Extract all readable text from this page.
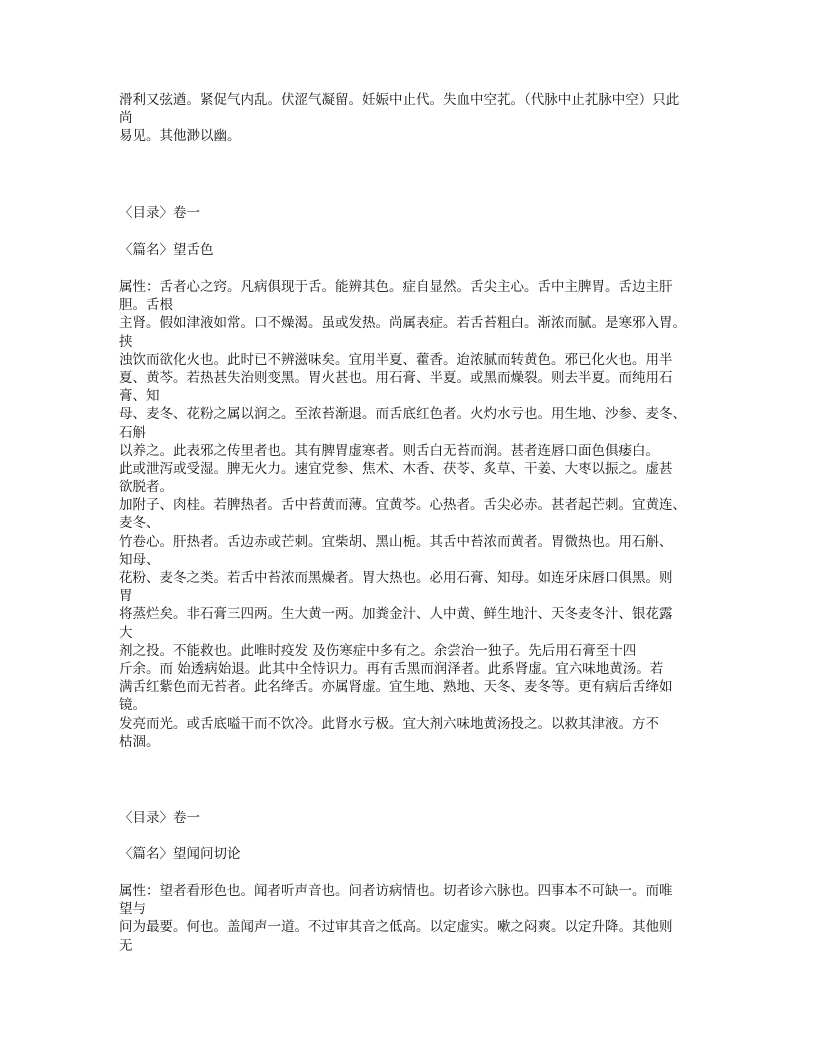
滑利又弦遒。紧促气内乱。伏涩气凝留。妊娠中止代。失血中空芤。（代脉中止芤脉中空）只此
尚
易见。其他渺以幽。
〈目录〉卷一
〈篇名〉望舌色
属性：舌者心之窍。凡病俱现于舌。能辨其色。症自显然。舌尖主心。舌中主脾胃。舌边主肝
胆。舌根
主肾。假如津液如常。口不燥渴。虽或发热。尚属表症。若舌苔粗白。渐浓而腻。是寒邪入胃。
挟
浊饮而欲化火也。此时已不辨滋味矣。宜用半夏、藿香。迨浓腻而转黄色。邪已化火也。用半
夏、黄芩。若热甚失治则变黑。胃火甚也。用石膏、半夏。或黑而燥裂。则去半夏。而纯用石
膏、知
母、麦冬、花粉之属以润之。至浓苔渐退。而舌底红色者。火灼水亏也。用生地、沙参、麦冬、
石斛
以养之。此表邪之传里者也。其有脾胃虚寒者。则舌白无苔而润。甚者连唇口面色俱痿白。
此或泄泻或受湿。脾无火力。速宜党参、焦术、木香、茯苓、炙草、干姜、大枣以振之。虚甚
欲脱者。
加附子、肉桂。若脾热者。舌中苔黄而薄。宜黄芩。心热者。舌尖必赤。甚者起芒刺。宜黄连、
麦冬、
竹卷心。肝热者。舌边赤或芒刺。宜柴胡、黑山栀。其舌中苔浓而黄者。胃微热也。用石斛、
知母、
花粉、麦冬之类。若舌中苔浓而黑燥者。胃大热也。必用石膏、知母。如连牙床唇口俱黑。则
胃
将蒸烂矣。非石膏三四两。生大黄一两。加粪金汁、人中黄、鲜生地汁、天冬麦冬汁、银花露
大
剂之投。不能救也。此唯时疫发 及伤寒症中多有之。余尝治一独子。先后用石膏至十四
斤余。而 始透病始退。此其中全恃识力。再有舌黑而润泽者。此系肾虚。宜六味地黄汤。若
满舌红紫色而无苔者。此名绛舌。亦属肾虚。宜生地、熟地、天冬、麦冬等。更有病后舌绛如
镜。
发亮而光。或舌底嗌干而不饮冷。此肾水亏极。宜大剂六味地黄汤投之。以救其津液。方不
枯涸。
〈目录〉卷一
〈篇名〉望闻问切论
属性：望者看形色也。闻者听声音也。问者访病情也。切者诊六脉也。四事本不可缺一。而唯
望与
问为最要。何也。盖闻声一道。不过审其音之低高。以定虚实。嗽之闷爽。以定升降。其他则
无
